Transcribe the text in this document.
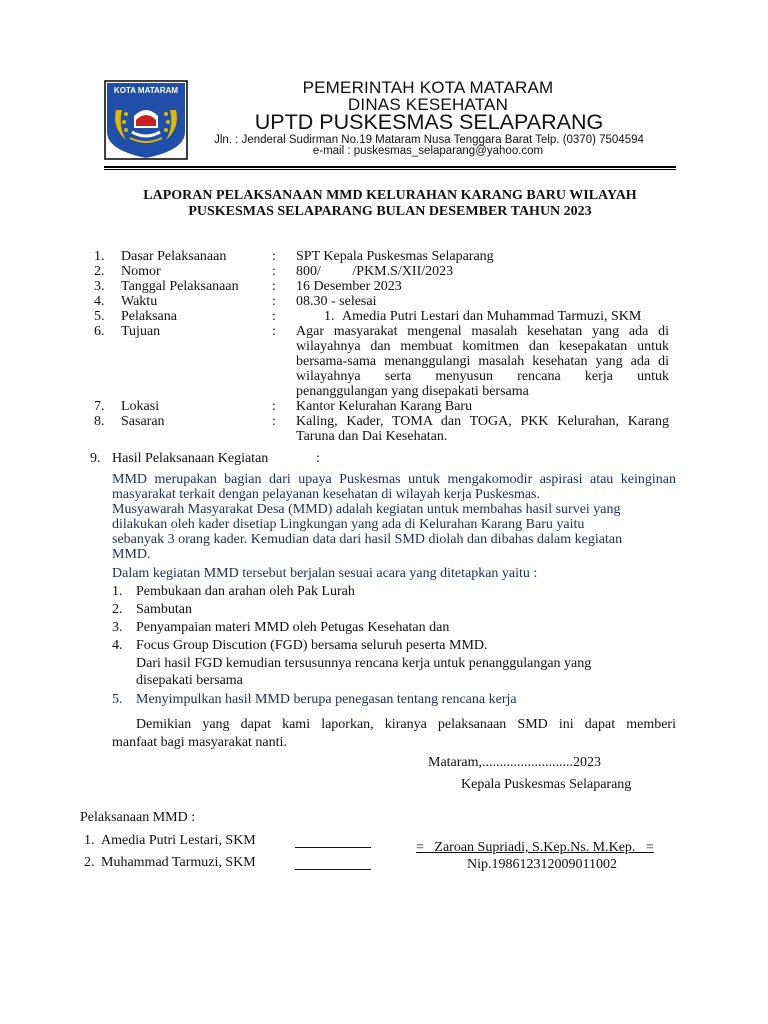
KOTA MATARAM	PEMERINTAH KOTA MATARAM
DINAS KESEHATAN
UPTD PUSKESMAS SELAPARANG
Jln. : Jenderal Sudirman No.19 Mataram Nusa Tenggara Barat Telp. (0370) 7504594
e-mail : puskesmas_selaparang@yahoo.com
LAPORAN PELAKSANAAN MMD KELURAHAN KARANG BARU WILAYAH
PUSKESMAS SELAPARANG BULAN DESEMBER TAHUN 2023
1. Dasar Pelaksanaan	: SPT Kepala Puskesmas Selaparang
2. Nomor	: 800/         /PKM.S/XII/2023
3. Tanggal Pelaksanaan : 16 Desember 2023
4. Waktu	: 08.30 - selesai
5. Pelaksana	:	1. Amedia Putri Lestari dan Muhammad Tarmuzi, SKM
6. Tujuan	: Agar masyarakat mengenal masalah kesehatan yang ada di
wilayahnya dan membuat komitmen dan kesepakatan untuk
bersama-sama menanggulangi masalah kesehatan yang ada di
wilayahnya serta menyusun rencana kerja untuk
penanggulangan yang disepakati bersama
7. Lokasi	: Kantor Kelurahan Karang Baru
8. Sasaran	: Kaling, Kader, TOMA dan TOGA, PKK Kelurahan, Karang
Taruna dan Dai Kesehatan.
9. Hasil Pelaksanaan Kegiatan	:
MMD merupakan bagian dari upaya Puskesmas untuk mengakomodir aspirasi atau keinginan
masyarakat terkait dengan pelayanan kesehatan di wilayah kerja Puskesmas.
Musyawarah Masyarakat Desa (MMD) adalah kegiatan untuk membahas hasil survei yang
dilakukan oleh kader disetiap Lingkungan yang ada di Kelurahan Karang Baru yaitu
sebanyak 3 orang kader. Kemudian data dari hasil SMD diolah dan dibahas dalam kegiatan
MMD.
Dalam kegiatan MMD tersebut berjalan sesuai acara yang ditetapkan yaitu :
1. Pembukaan dan arahan oleh Pak Lurah
2. Sambutan
3. Penyampaian materi MMD oleh Petugas Kesehatan dan
4. Focus Group Discution (FGD) bersama seluruh peserta MMD.
Dari hasil FGD kemudian tersusunnya rencana kerja untuk penanggulangan yang
disepakati bersama
5. Menyimpulkan hasil MMD berupa penegasan tentang rencana kerja
Demikian yang dapat kami laporkan, kiranya pelaksanaan SMD ini dapat memberi
manfaat bagi masyarakat nanti.
Mataram,..........................2023
Kepala Puskesmas Selaparang
Pelaksanaan MMD :
1. Amedia Putri Lestari, SKM
2. Muhammad Tarmuzi, SKM
=   Zaroan Supriadi, S.Kep.Ns. M.Kep.   =
Nip.198612312009011002
